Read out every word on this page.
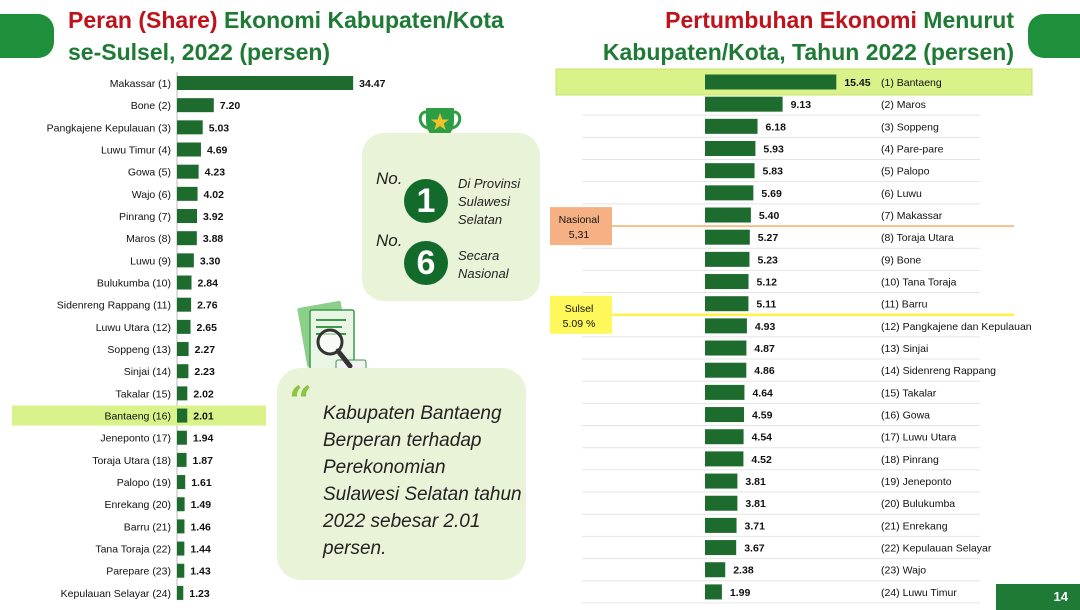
Peran (Share) Ekonomi Kabupaten/Kota
se-Sulsel, 2022 (persen)
Pertumbuhan Ekonomi Menurut
Kabupaten/Kota, Tahun 2022 (persen)
Makassar (1)	34.47
Bone (2)	7.20
Pangkajene Kepulauan (3)	5.03
Luwu Timur (4)	4.69
Gowa (5)	4.23
Wajo (6)	4.02
Pinrang (7)	3.92
Maros (8)	3.88
Luwu (9)	3.30
Bulukumba (10)	2.84
Sidenreng Rappang (11) 2.76
Luwu Utara (12) 2.65
Soppeng (13) 2.27
Sinjai (14) 2.23
Takalar (15) 2.02
Bantaeng (16) 2.01
Jeneponto (17) 1.94
Toraja Utara (18) 1.87
Palopo (19) 1.61
Enrekang (20) 1.49
Barru (21) 1.46
Tana Toraja (22) 1.44
Parepare (23) 1.43
Kepulauan Selayar (24) 1.23
15.45 (1) Bantaeng
9.13	(2) Maros
6.18	(3) Soppeng
5.93	(4) Pare-pare
5.83	(5) Palopo
5.69	(6) Luwu
5.40	(7) Makassar
5.27	(8) Toraja Utara
5.23	(9) Bone
5.12	(10) Tana Toraja
5.11	(11) Barru
4.93	(12) Pangkajene dan Kepulauan
4.87	(13) Sinjai
4.86	(14) Sidenreng Rappang
4.64	(15) Takalar
4.59	(16) Gowa
4.54	(17) Luwu Utara
4.52	(18) Pinrang
3.81	(19) Jeneponto
3.81	(20) Bulukumba
3.71	(21) Enrekang
3.67	(22) Kepulauan Selayar
2.38	(23) Wajo
1.99	(24) Luwu Timur
Nasional
5,31
Sulsel
5.09 %
No.
1	Di Provinsi Sulawesi Selatan
No.
6	Secara Nasional
“ Kabupaten Bantaeng Berperan terhadap Perekonomian Sulawesi Selatan tahun 2022 sebesar 2.01 persen.
14
